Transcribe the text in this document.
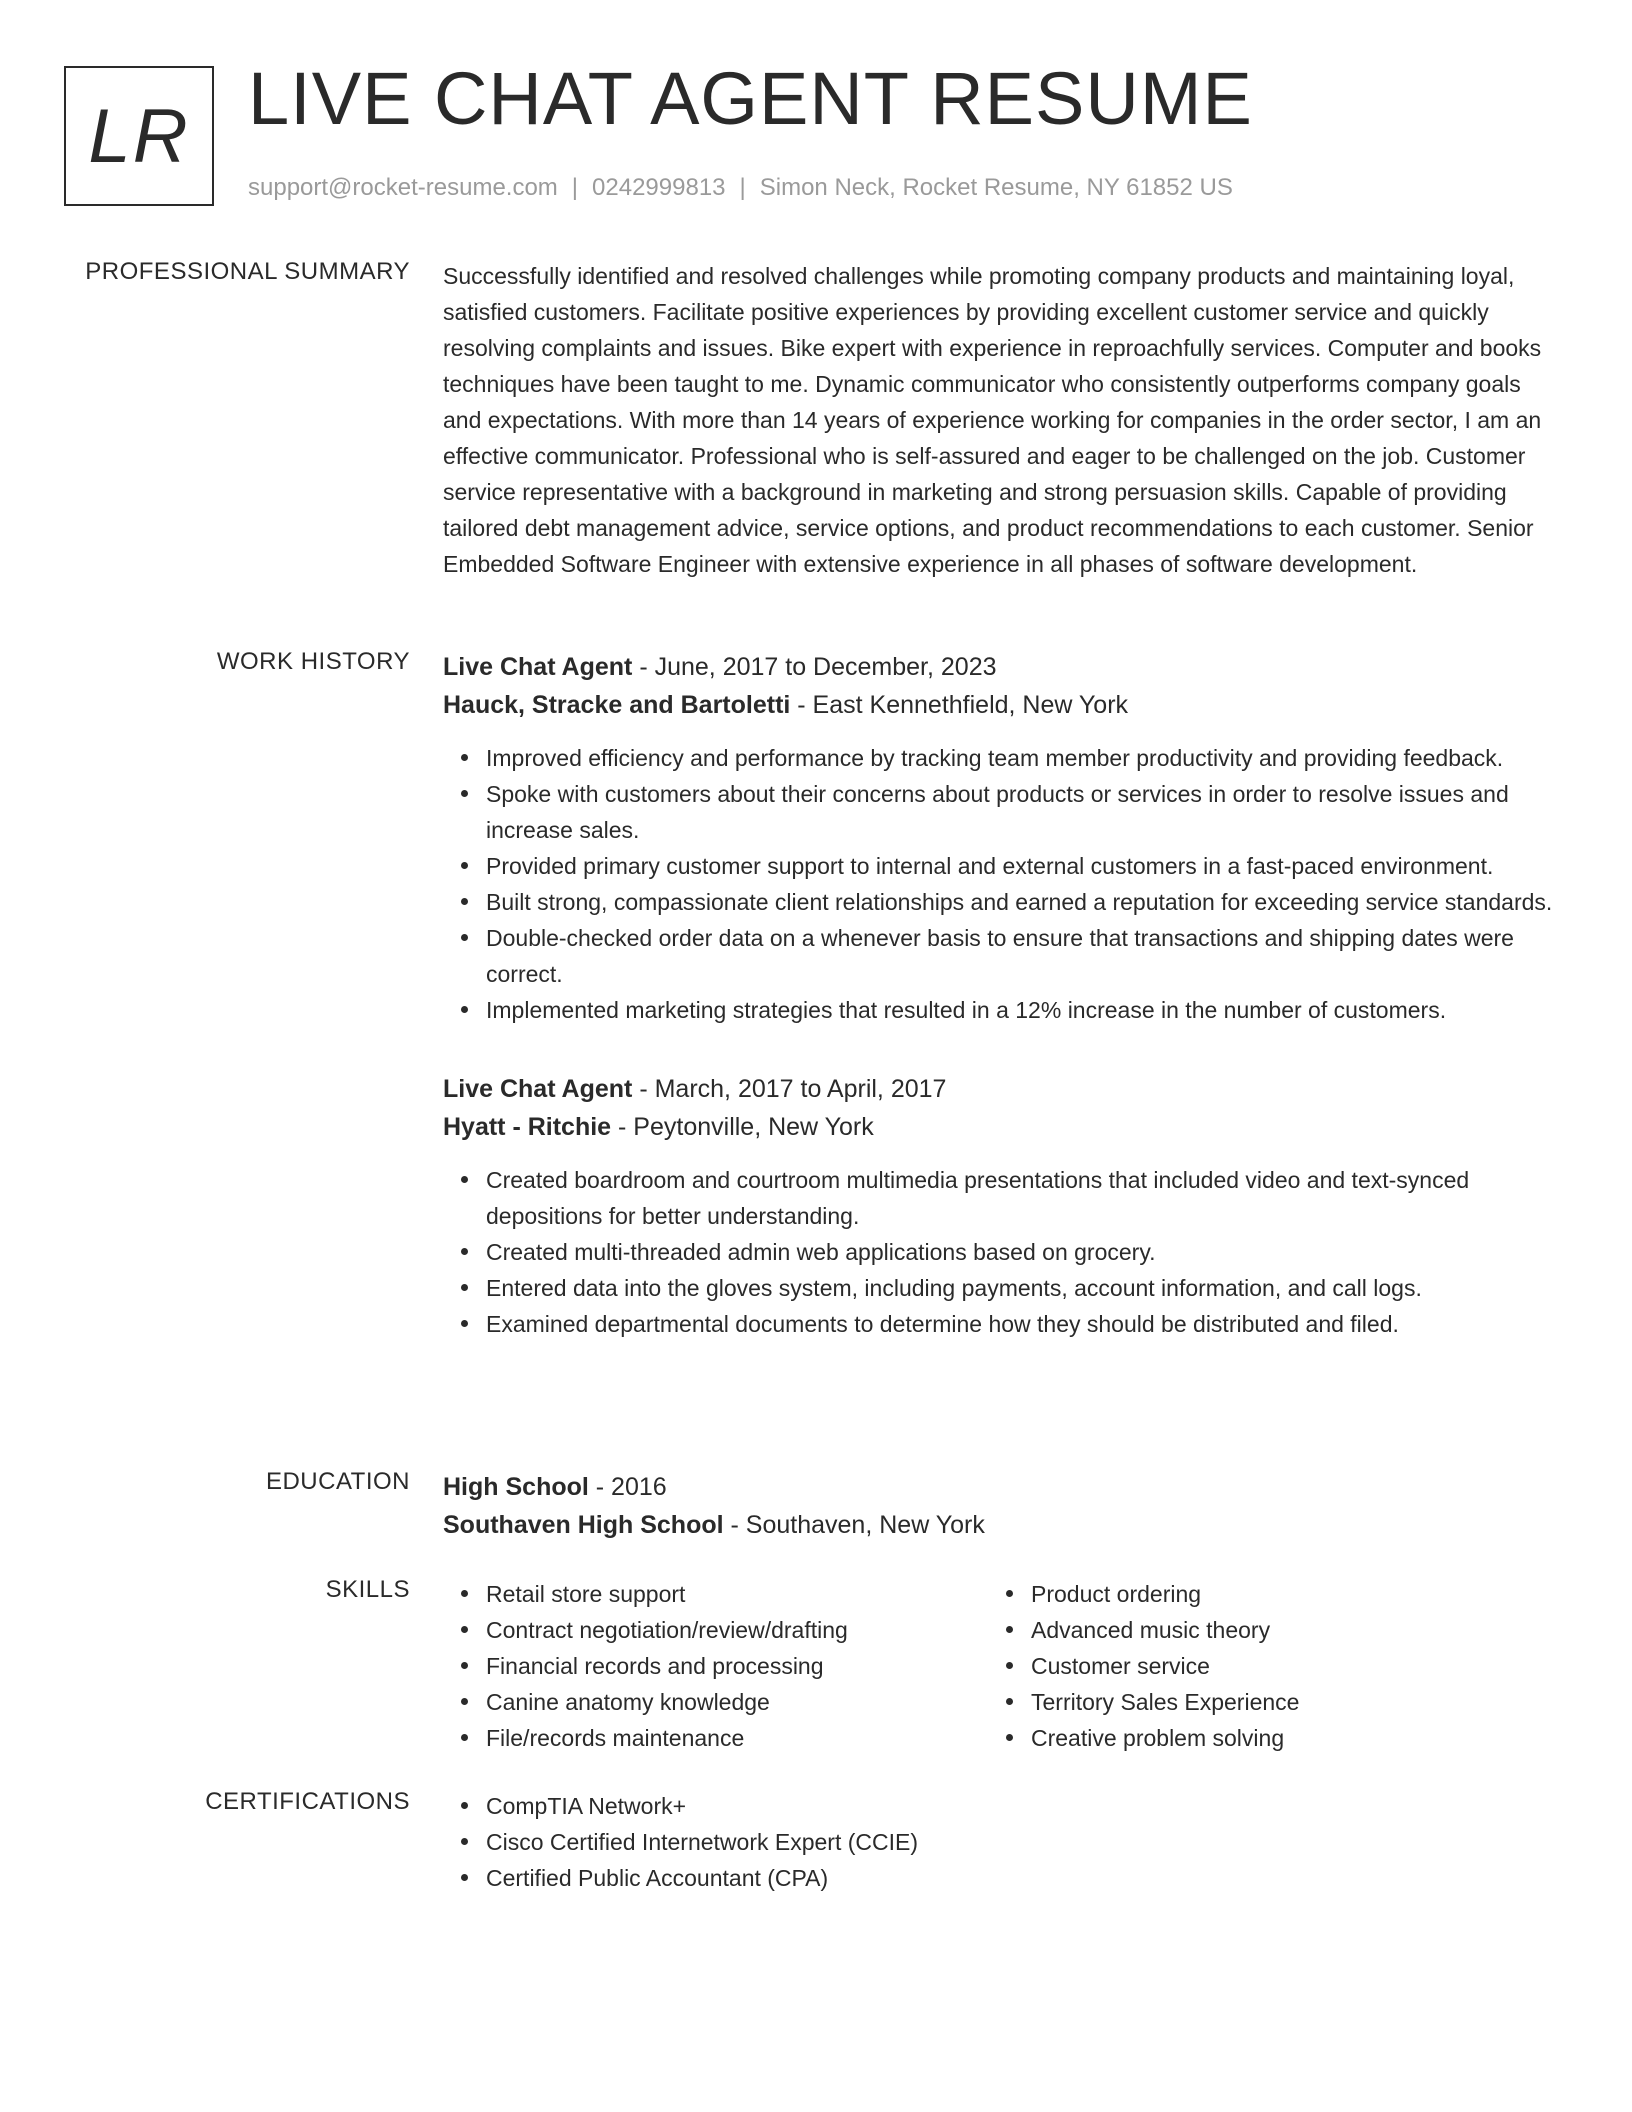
LR LIVE CHAT AGENT RESUME
support@rocket-resume.com | 0242999813 | Simon Neck, Rocket Resume, NY 61852 US
PROFESSIONAL SUMMARY Successfully identified and resolved challenges while promoting company products and maintaining loyal, satisfied customers. Facilitate positive experiences by providing excellent customer service and quickly resolving complaints and issues. Bike expert with experience in reproachfully services. Computer and books techniques have been taught to me. Dynamic communicator who consistently outperforms company goals and expectations. With more than 14 years of experience working for companies in the order sector, I am an effective communicator. Professional who is self-assured and eager to be challenged on the job. Customer service representative with a background in marketing and strong persuasion skills. Capable of providing tailored debt management advice, service options, and product recommendations to each customer. Senior Embedded Software Engineer with extensive experience in all phases of software development.

WORK HISTORY Live Chat Agent - June, 2017 to December, 2023
Hauck, Stracke and Bartoletti - East Kennethfield, New York
Improved efficiency and performance by tracking team member productivity and providing feedback.
Spoke with customers about their concerns about products or services in order to resolve issues and increase sales.
Provided primary customer support to internal and external customers in a fast-paced environment.
Built strong, compassionate client relationships and earned a reputation for exceeding service standards.
Double-checked order data on a whenever basis to ensure that transactions and shipping dates were correct.
Implemented marketing strategies that resulted in a 12% increase in the number of customers.
Live Chat Agent - March, 2017 to April, 2017
Hyatt - Ritchie - Peytonville, New York
Created boardroom and courtroom multimedia presentations that included video and text-synced depositions for better understanding.
Created multi-threaded admin web applications based on grocery.
Entered data into the gloves system, including payments, account information, and call logs.
Examined departmental documents to determine how they should be distributed and filed.
EDUCATION High School - 2016
Southaven High School - Southaven, New York
SKILLS	Retail store support
Contract negotiation/review/drafting
Financial records and processing
Canine anatomy knowledge
File/records maintenance
Product ordering
Advanced music theory
Customer service
Territory Sales Experience
Creative problem solving
CERTIFICATIONS	CompTIA Network+
Cisco Certified Internetwork Expert (CCIE)
Certified Public Accountant (CPA)
